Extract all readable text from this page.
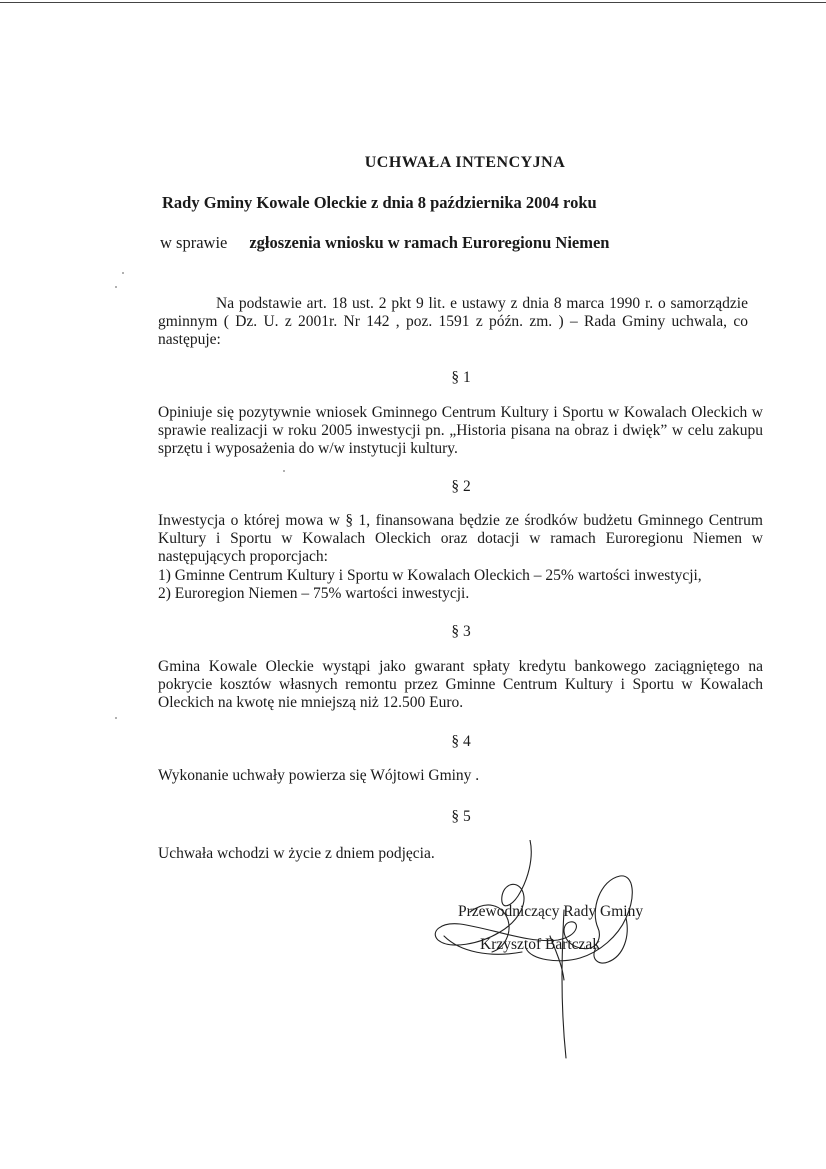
UCHWAŁA INTENCYJNA
Rady Gminy Kowale Oleckie z dnia 8 października 2004 roku
w sprawie zgłoszenia wniosku w ramach Euroregionu Niemen
Na podstawie art. 18 ust. 2 pkt 9 lit. e ustawy z dnia 8 marca 1990 r. o samorządzie gminnym ( Dz. U. z 2001r. Nr 142 , poz. 1591 z późn. zm. ) – Rada Gminy uchwala, co następuje:
§ 1
Opiniuje się pozytywnie wniosek Gminnego Centrum Kultury i Sportu w Kowalach Oleckich w sprawie realizacji w roku 2005 inwestycji pn. „Historia pisana na obraz i dwięk” w celu zakupu sprzętu i wyposażenia do w/w instytucji kultury.
§ 2
Inwestycja o której mowa w § 1, finansowana będzie ze środków budżetu Gminnego Centrum Kultury i Sportu w Kowalach Oleckich oraz dotacji w ramach Euroregionu Niemen w następujących proporcjach:
1) Gminne Centrum Kultury i Sportu w Kowalach Oleckich – 25% wartości inwestycji,
2) Euroregion Niemen – 75% wartości inwestycji.
§ 3
Gmina Kowale Oleckie wystąpi jako gwarant spłaty kredytu bankowego zaciągniętego na pokrycie kosztów własnych remontu przez Gminne Centrum Kultury i Sportu w Kowalach Oleckich na kwotę nie mniejszą niż 12.500 Euro.
§ 4
Wykonanie uchwały powierza się Wójtowi Gminy .
§ 5
Uchwała wchodzi w życie z dniem podjęcia.
Przewodniczący Rady Gminy
Krzysztof Bartczak
